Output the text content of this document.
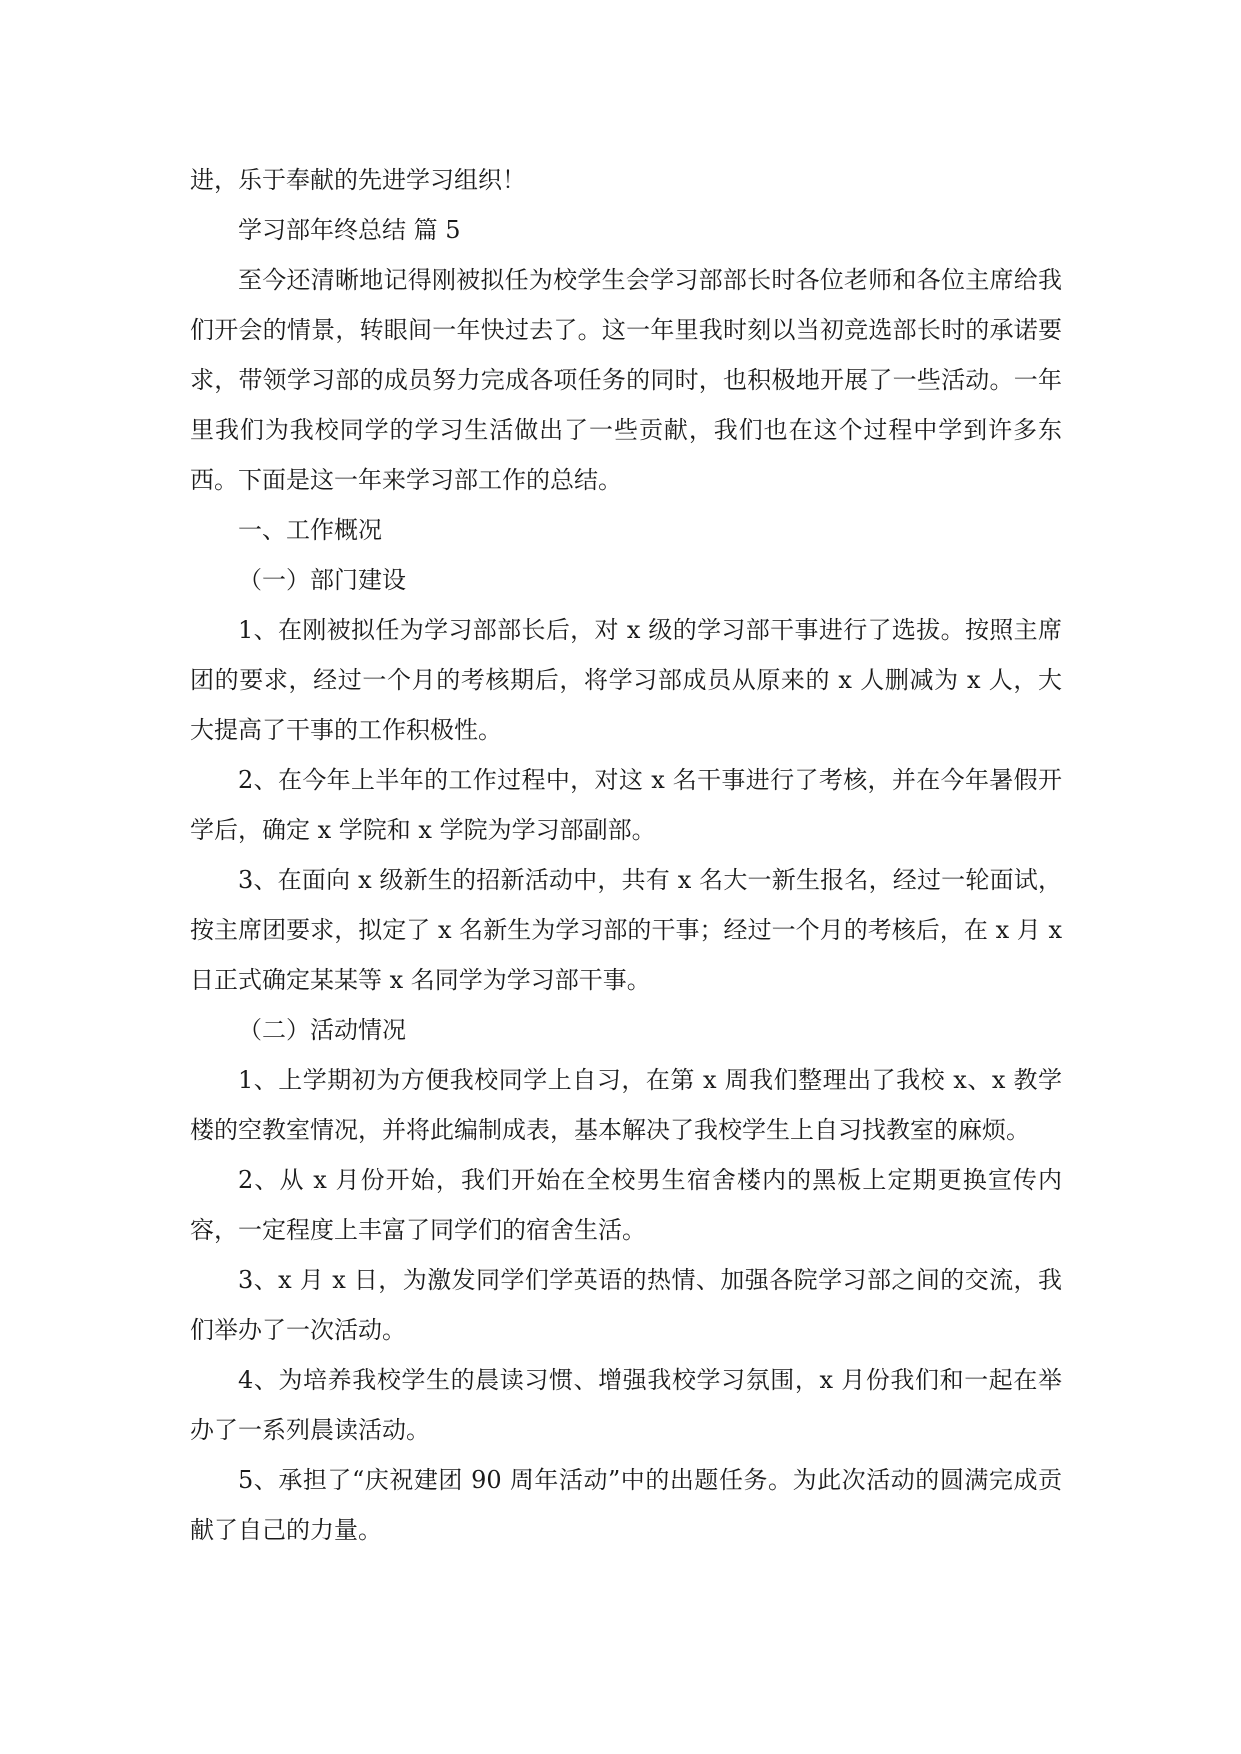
进，乐于奉献的先进学习组织！

学习部年终总结 篇 5

至今还清晰地记得刚被拟任为校学生会学习部部长时各位老师和各位主席给我们开会的情景，转眼间一年快过去了。这一年里我时刻以当初竞选部长时的承诺要求，带领学习部的成员努力完成各项任务的同时，也积极地开展了一些活动。一年里我们为我校同学的学习生活做出了一些贡献，我们也在这个过程中学到许多东西。下面是这一年来学习部工作的总结。

一、工作概况

（一）部门建设

1、在刚被拟任为学习部部长后，对 x 级的学习部干事进行了选拔。按照主席团的要求，经过一个月的考核期后，将学习部成员从原来的 x 人删减为 x 人，大大提高了干事的工作积极性。

2、在今年上半年的工作过程中，对这 x 名干事进行了考核，并在今年暑假开学后，确定 x 学院和 x 学院为学习部副部。

3、在面向 x 级新生的招新活动中，共有 x 名大一新生报名，经过一轮面试，按主席团要求，拟定了 x 名新生为学习部的干事；经过一个月的考核后，在 x 月 x 日正式确定某某等 x 名同学为学习部干事。

（二）活动情况

1、上学期初为方便我校同学上自习，在第 x 周我们整理出了我校 x、x 教学楼的空教室情况，并将此编制成表，基本解决了我校学生上自习找教室的麻烦。

2、从 x 月份开始，我们开始在全校男生宿舍楼内的黑板上定期更换宣传内容，一定程度上丰富了同学们的宿舍生活。

3、x 月 x 日，为激发同学们学英语的热情、加强各院学习部之间的交流，我们举办了一次活动。

4、为培养我校学生的晨读习惯、增强我校学习氛围，x 月份我们和一起在举办了一系列晨读活动。

5、承担了“庆祝建团 90 周年活动”中的出题任务。为此次活动的圆满完成贡献了自己的力量。
